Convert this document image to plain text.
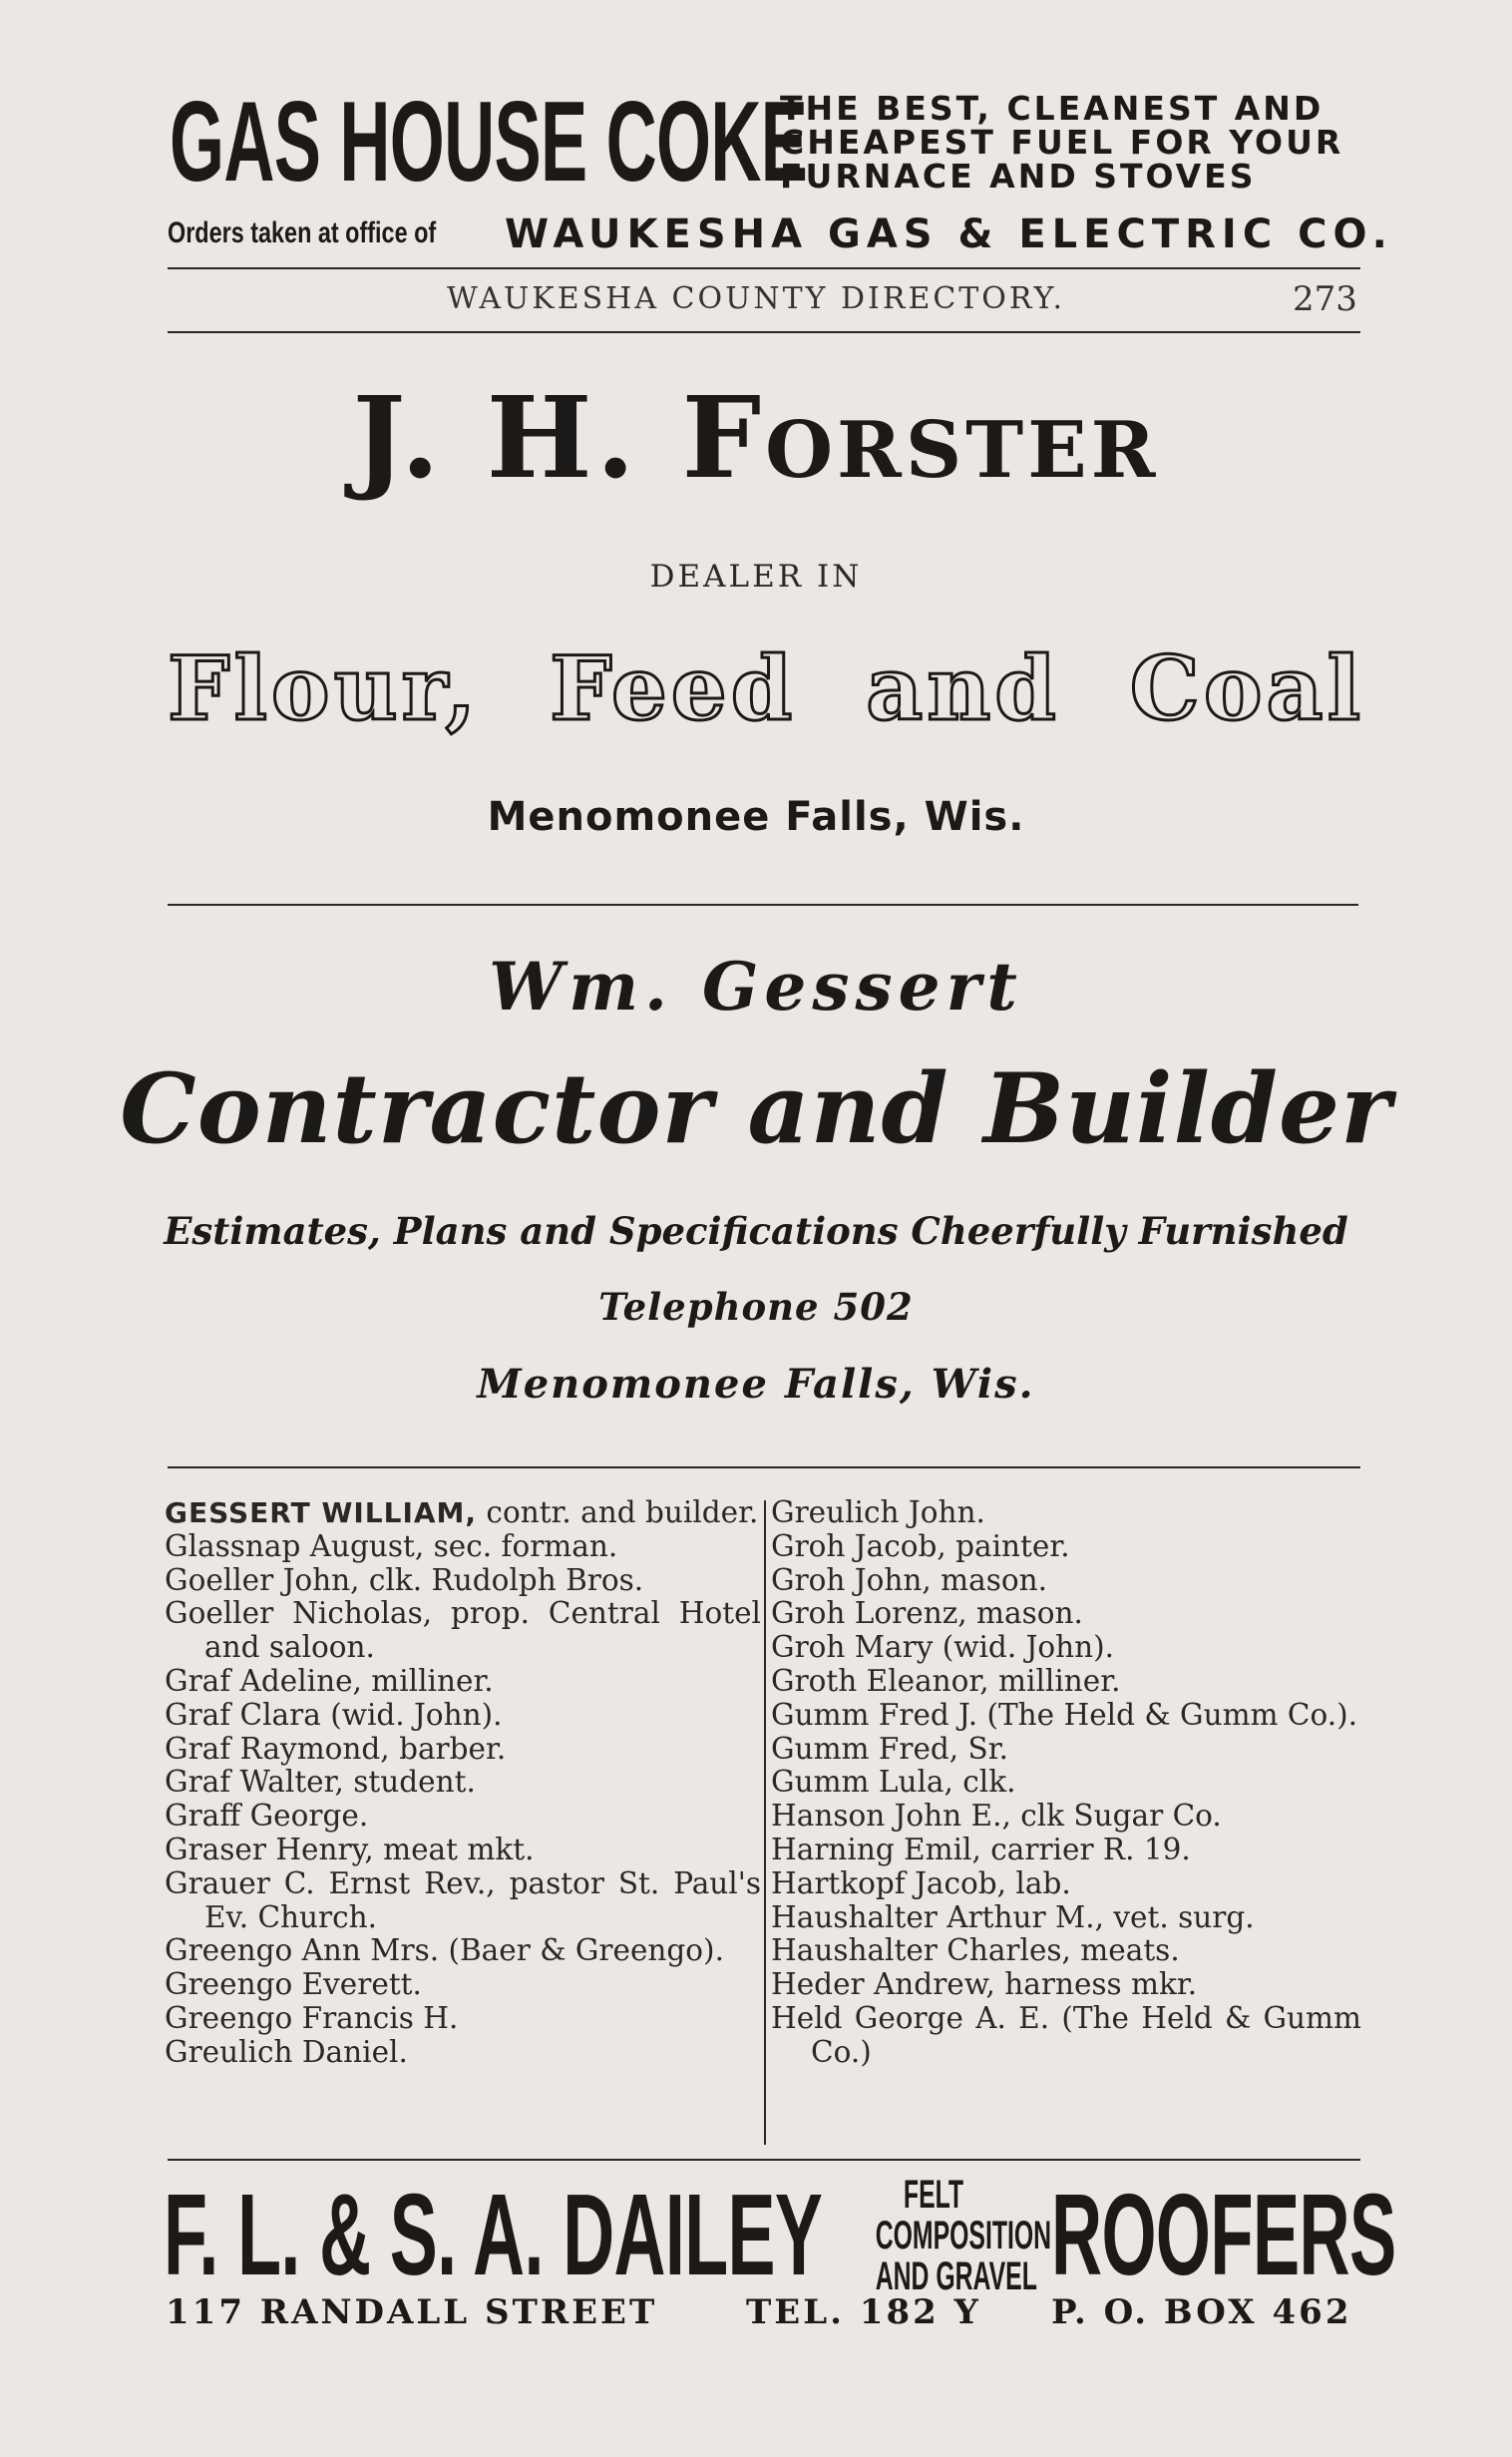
GAS HOUSE COKE
THE BEST, CLEANEST AND
CHEAPEST FUEL FOR YOUR
FURNACE AND STOVES
Orders taken at office of WAUKESHA GAS & ELECTRIC CO.
WAUKESHA COUNTY DIRECTORY.	273
J. H. Forster
DEALER IN
Flour, Feed and Coal
Menomonee Falls, Wis.
Wm. Gessert
Contractor and Builder
Estimates, Plans and Specifications Cheerfully Furnished
Telephone 502
Menomonee Falls, Wis.
GESSERT WILLIAM, contr. and builder.
Glassnap August, sec. forman.
Goeller John, clk. Rudolph Bros.
Goeller Nicholas, prop. Central Hotel and saloon.
Graf Adeline, milliner.
Graf Clara (wid. John).
Graf Raymond, barber.
Graf Walter, student.
Graff George.
Graser Henry, meat mkt.
Grauer C. Ernst Rev., pastor St. Paul's Ev. Church.
Greengo Ann Mrs. (Baer & Greengo).
Greengo Everett.
Greengo Francis H.
Greulich Daniel.
Greulich John.
Groh Jacob, painter.
Groh John, mason.
Groh Lorenz, mason.
Groh Mary (wid. John).
Groth Eleanor, milliner.
Gumm Fred J. (The Held & Gumm Co.).
Gumm Fred, Sr.
Gumm Lula, clk.
Hanson John E., clk Sugar Co.
Harning Emil, carrier R. 19.
Hartkopf Jacob, lab.
Haushalter Arthur M., vet. surg.
Haushalter Charles, meats.
Heder Andrew, harness mkr.
Held George A. E. (The Held & Gumm Co.)
F. L. & S. A. DAILEY	FELT
COMPOSITION
AND GRAVEL ROOFERS
117 RANDALL STREET	TEL. 182 Y P. O. BOX 462
